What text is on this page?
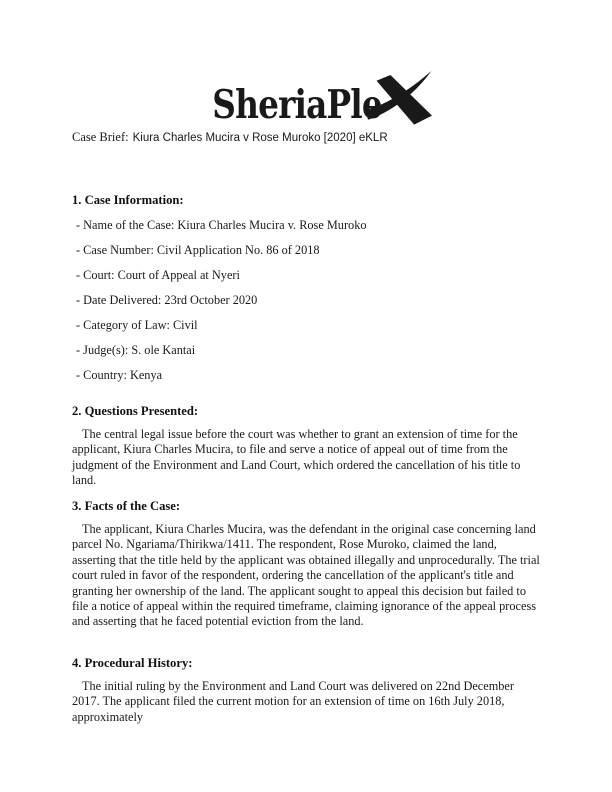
SheriaPle
Case Brief: Kiura Charles Mucira v Rose Muroko [2020] eKLR
1. Case Information:

- Name of the Case: Kiura Charles Mucira v. Rose Muroko

- Case Number: Civil Application No. 86 of 2018

- Court: Court of Appeal at Nyeri

- Date Delivered: 23rd October 2020

- Category of Law: Civil

- Judge(s): S. ole Kantai

- Country: Kenya

2. Questions Presented:

The central legal issue before the court was whether to grant an extension of time for the applicant, Kiura Charles Mucira, to file and serve a notice of appeal out of time from the judgment of the Environment and Land Court, which ordered the cancellation of his title to land.

3. Facts of the Case:

The applicant, Kiura Charles Mucira, was the defendant in the original case concerning land parcel No. Ngariama/Thirikwa/1411. The respondent, Rose Muroko, claimed the land, asserting that the title held by the applicant was obtained illegally and unprocedurally. The trial court ruled in favor of the respondent, ordering the cancellation of the applicant's title and granting her ownership of the land. The applicant sought to appeal this decision but failed to file a notice of appeal within the required timeframe, claiming ignorance of the appeal process and asserting that he faced potential eviction from the land.

4. Procedural History:

The initial ruling by the Environment and Land Court was delivered on 22nd December 2017. The applicant filed the current motion for an extension of time on 16th July 2018, approximately
